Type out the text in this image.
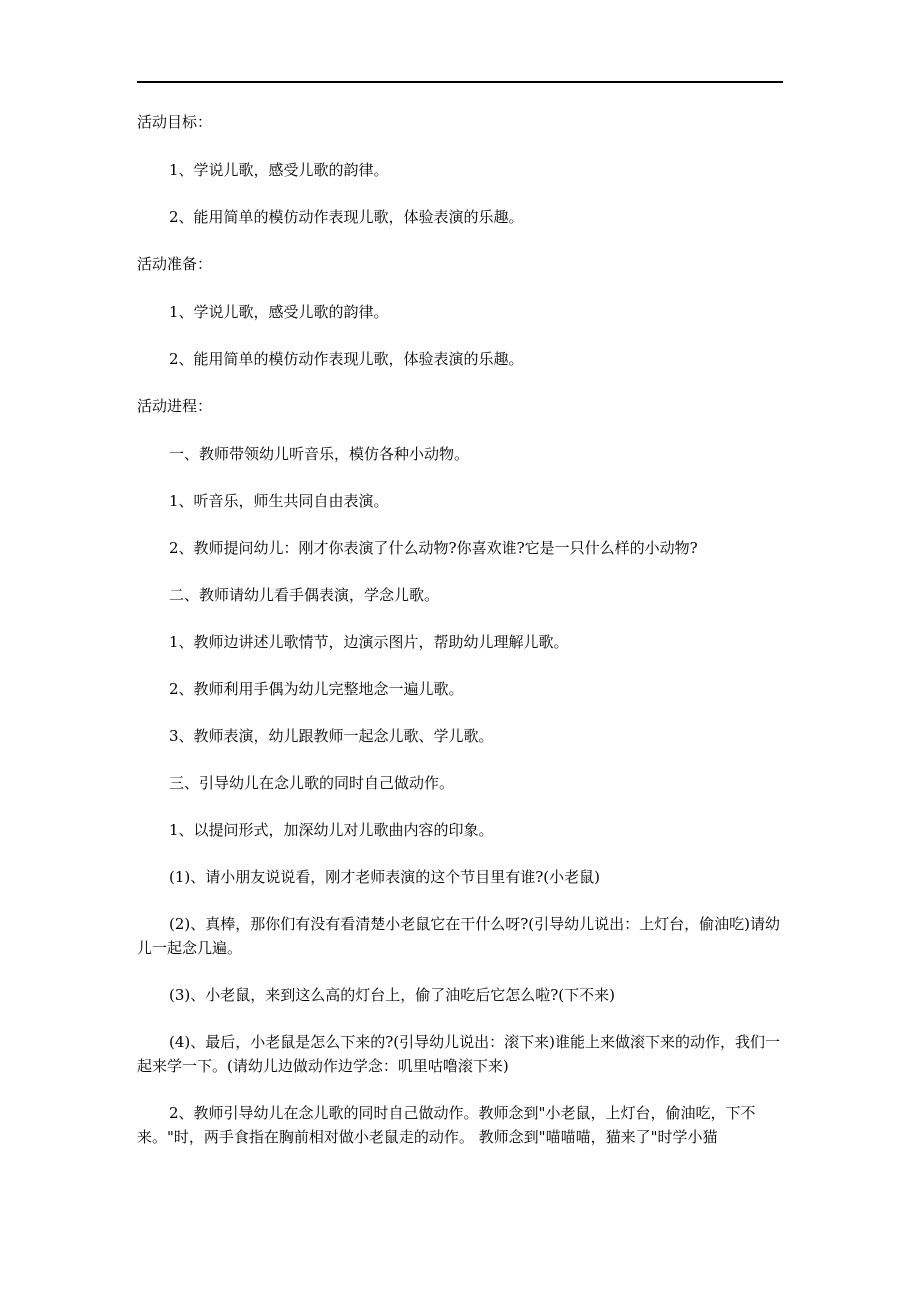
活动目标：

1、学说儿歌，感受儿歌的韵律。

2、能用简单的模仿动作表现儿歌，体验表演的乐趣。

活动准备：

1、学说儿歌，感受儿歌的韵律。

2、能用简单的模仿动作表现儿歌，体验表演的乐趣。

活动进程：

一、教师带领幼儿听音乐，模仿各种小动物。

1、听音乐，师生共同自由表演。

2、教师提问幼儿：刚才你表演了什么动物?你喜欢谁?它是一只什么样的小动物?

二、教师请幼儿看手偶表演，学念儿歌。

1、教师边讲述儿歌情节，边演示图片，帮助幼儿理解儿歌。

2、教师利用手偶为幼儿完整地念一遍儿歌。

3、教师表演，幼儿跟教师一起念儿歌、学儿歌。

三、引导幼儿在念儿歌的同时自己做动作。

1、以提问形式，加深幼儿对儿歌曲内容的印象。

(1)、请小朋友说说看，刚才老师表演的这个节目里有谁?(小老鼠)

(2)、真棒，那你们有没有看清楚小老鼠它在干什么呀?(引导幼儿说出：上灯台，偷油吃)请幼儿一起念几遍。

(3)、小老鼠，来到这么高的灯台上，偷了油吃后它怎么啦?(下不来)

(4)、最后，小老鼠是怎么下来的?(引导幼儿说出：滚下来)谁能上来做滚下来的动作，我们一起来学一下。(请幼儿边做动作边学念：叽里咕噜滚下来)

2、教师引导幼儿在念儿歌的同时自己做动作。教师念到"小老鼠，上灯台，偷油吃，下不来。"时，两手食指在胸前相对做小老鼠走的动作。 教师念到"喵喵喵，猫来了"时学小猫
